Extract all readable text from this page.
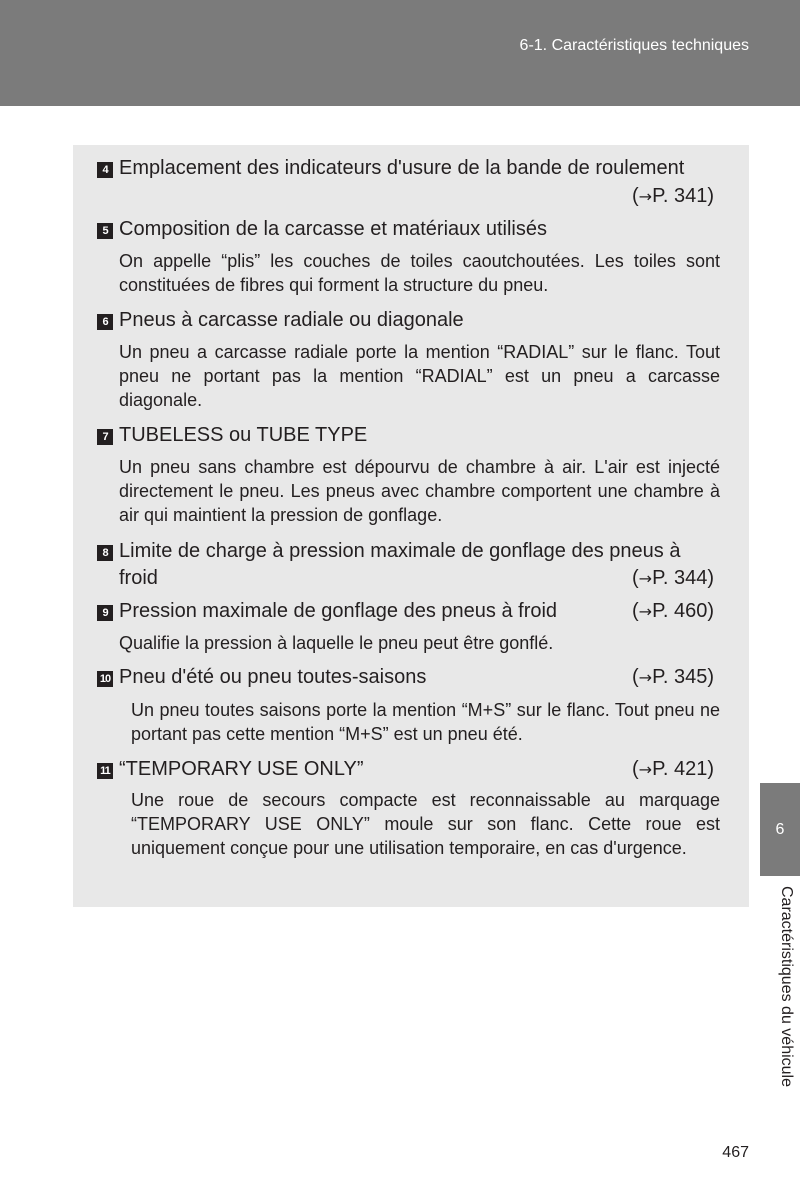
6-1. Caractéristiques techniques
4 Emplacement des indicateurs d'usure de la bande de roulement
(→P. 341)
5 Composition de la carcasse et matériaux utilisés
On appelle “plis” les couches de toiles caoutchoutées. Les toiles sont constituées de fibres qui forment la structure du pneu.
6 Pneus à carcasse radiale ou diagonale
Un pneu a carcasse radiale porte la mention “RADIAL” sur le flanc. Tout pneu ne portant pas la mention “RADIAL” est un pneu a carcasse diagonale.
7 TUBELESS ou TUBE TYPE
Un pneu sans chambre est dépourvu de chambre à air. L'air est injecté directement le pneu. Les pneus avec chambre comportent une chambre à air qui maintient la pression de gonflage.
8 Limite de charge à pression maximale de gonflage des pneus à
froid	(→P. 344)
9 Pression maximale de gonflage des pneus à froid	(→P. 460)
Qualifie la pression à laquelle le pneu peut être gonflé.
10 Pneu d'été ou pneu toutes-saisons	(→P. 345)
Un pneu toutes saisons porte la mention “M+S” sur le flanc. Tout pneu ne portant pas cette mention “M+S” est un pneu été.
11 “TEMPORARY USE ONLY”	(→P. 421)
Une roue de secours compacte est reconnaissable au marquage “TEMPORARY USE ONLY” moule sur son flanc. Cette roue est uniquement conçue pour une utilisation temporaire, en cas d'urgence.
6
Caractéristiques du véhicule
467
